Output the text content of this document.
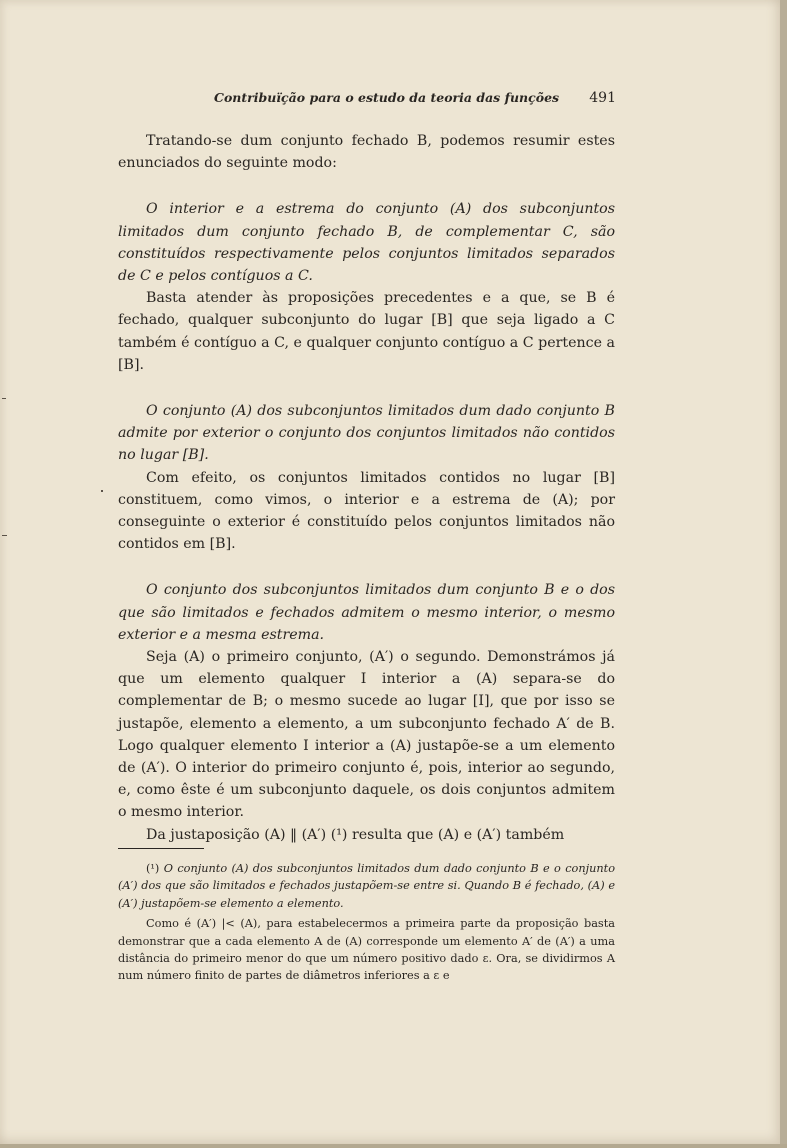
Contribuïção para o estudo da teoria das funções 491

Tratando-se dum conjunto fechado B, podemos resumir estes enunciados do seguinte modo:

O interior e a estrema do conjunto (A) dos subconjuntos limitados dum conjunto fechado B, de complementar C, são constituídos respectivamente pelos conjuntos limitados separados de C e pelos contíguos a C.

Basta atender às proposições precedentes e a que, se B é fechado, qualquer subconjunto do lugar [B] que seja ligado a C também é contíguo a C, e qualquer conjunto contíguo a C pertence a [B].

O conjunto (A) dos subconjuntos limitados dum dado conjunto B admite por exterior o conjunto dos conjuntos limitados não contidos no lugar [B].

Com efeito, os conjuntos limitados contidos no lugar [B] constituem, como vimos, o interior e a estrema de (A); por conseguinte o exterior é constituído pelos conjuntos limitados não contidos em [B].

O conjunto dos subconjuntos limitados dum conjunto B e o dos que são limitados e fechados admitem o mesmo interior, o mesmo exterior e a mesma estrema.

Seja (A) o primeiro conjunto, (A′) o segundo. Demonstrámos já que um elemento qualquer I interior a (A) separa-se do complementar de B; o mesmo sucede ao lugar [I], que por isso se justapõe, elemento a elemento, a um subconjunto fechado A′ de B. Logo qualquer elemento I interior a (A) justapõe-se a um elemento de (A′). O interior do primeiro conjunto é, pois, interior ao segundo, e, como êste é um subconjunto daquele, os dois conjuntos admitem o mesmo interior.

Da justaposição (A) ‖ (A′) (¹) resulta que (A) e (A′) também

(¹) O conjunto (A) dos subconjuntos limitados dum dado conjunto B e o conjunto (A′) dos que são limitados e fechados justapõem-se entre si. Quando B é fechado, (A) e (A′) justapõem-se elemento a elemento.

Como é (A′) |< (A), para estabelecermos a primeira parte da proposição basta demonstrar que a cada elemento A de (A) corresponde um elemento A′ de (A′) a uma distância do primeiro menor do que um número positivo dado ε. Ora, se dividirmos A num número finito de partes de diâmetros inferiores a ε e
